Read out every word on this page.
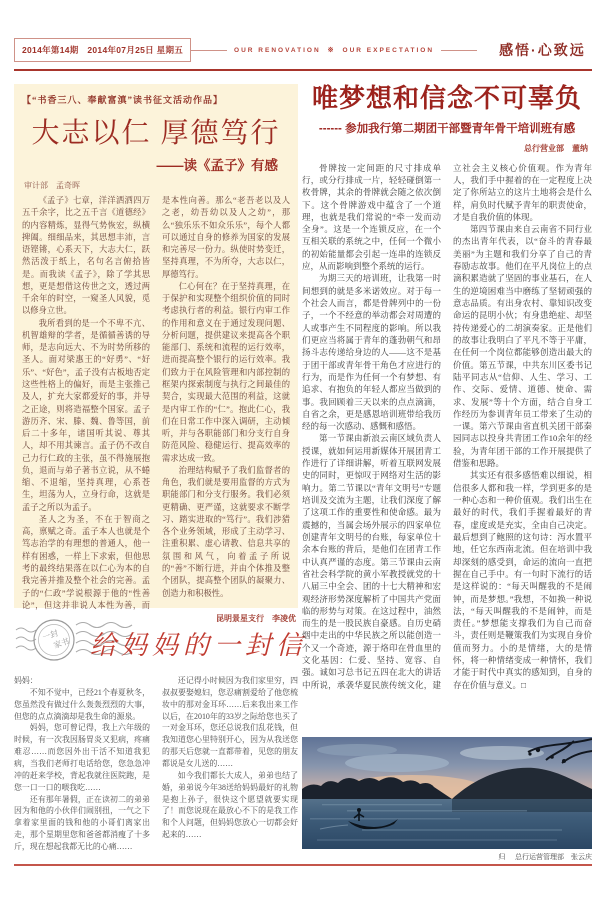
2014年第14期　2014年07月25日 星期五	OUR RENOVATION ※ OUR EXPECTATION	感悟·心致远
【“书香三八、奉献富滇”读书征文活动作品】
大志以仁 厚德笃行
——读《孟子》有感
审计部　孟奇晖

《孟子》七章，洋洋洒洒四万五千余字，比之五千言《道德经》的内容精炼，显得气势恢宏，纵横捭阖。细细品来，其思想丰沛，言语铿锵，心系天下，大志大仁，跃然活泼于纸上，名句名言俯拾皆是。而我读《孟子》，除了学其思想，更是想借这传世之文，透过两千余年的时空，一窥圣人风貌，觅以修身立世。

我所看到的是一个不卑不亢、机智雄辩的学者，是循循善诱的导师，是志向远大、不为时势所移的圣人。面对梁惠王的“好勇”、“好乐”、“好色”，孟子没有古板地否定这些性格上的偏好，而是主张推己及人，扩充大家都爱好的事，并导之正途，则将造福整个国家。孟子游历齐、宋、滕、魏、鲁等国，前后二十多年，诸国听其说、尊其人，却不用其谏言。孟子仍不改自己力行仁政的主张，虽不得施展抱负，退而与弟子著书立说，从不蜷缩、不退缩，坚持真理，心系苍生，坦荡为人，立身行命，这就是孟子之所以为孟子。

圣人之为圣，不在于智商之高，禀赋之奇。孟子本人也就是个笃志治学的有理想的普通人，他一样有困惑，一样上下求索，但他思考的最终结果落在以仁心为本的自我完善并推及整个社会的完善。孟子的“仁政”学说根源于他的“性善论”，但这并非说人本性为善，而是本性向善。那么“老吾老以及人之老，幼吾幼以及人之幼”，那么“独乐乐不如众乐乐”，每个人都可以通过自身的修养为国家的发展和完善尽一份力。纵使时势变迁，坚持真理，不为所夺，大志以仁，厚德笃行。

仁心何在？在于坚持真理，在于保护和实现整个组织价值的同时考虑执行者的利益。银行内审工作的作用和意义在于通过发现问题、分析问题，提供建议来提高各个职能部门、系统和流程的运行效率，进而提高整个银行的运行效率。我们致力于在风险管理和内部控制的框架内探索制度与执行之间最佳的契合，实现最大范围的利益，这就是内审工作的“仁”。抱此仁心，我们在日常工作中深入调研，主动倾听，并与各职能部门和分支行自身防范风险、稳健运行、提高效率的需求达成一致。

治理结构赋予了我们监督者的角色，我们就是要用监督的方式为职能部门和分支行服务。我们必须更精确、更严谨，这就要求不断学习、踏实进取的“笃行”。我们涉猎各个业务领域，形成了主动学习、注重积累、虚心请教、信息共享的氛围和风气，向着孟子所说的“善”不断行进，并由个体推及整个团队，提高整个团队的凝聚力、创造力和积极性。

一封
家书
昆明景星支行　李凌优
给妈妈的一封信

妈妈：

不知不觉中，已经21个春夏秋冬，您虽然没有做过什么轰轰烈烈的大事，但您的点点滴滴却是我生命的源泉。

妈妈，您可曾记得，我上六年级的时候，有一次我因肠胃炎又犯病，疼痛难忍……而您因外出干活不知道我犯病，当我们老师打电话给您，您急急冲冲的赶来学校，背起我就往医院跑，是您一口一口的喂我吃……

还有那年暑假，正在读初二的弟弟因为和他的小伙伴们闹别扭，一气之下拿着家里面的钱和他的小哥们离家出走，那个星期里您和爸爸都消瘦了十多斤，现在想起我都无比的心痛……

还记得小时候因为我们家里穷，四叔叔要娶媳妇，您忍痛割爱给了他您梳妆中的那对金耳环……后来我出来工作以后，在2010年的33岁之际给您也买了一对金耳环，您还总说我们乱花钱，但我知道您心里特别开心，因为从我送您的那天后您就一直都带着，见您的朋友都说是女儿送的……

如今我们都长大成人，弟弟也结了婚，弟弟说今年38送给妈妈最好的礼物是抱上孙子，很快这个愿望就要实现了！而您说现在最放心不下的是我工作和个人问题，但妈妈您放心一切都会好起来的……

唯梦想和信念不可辜负
------ 参加我行第二期团干部暨青年骨干培训班有感
总行营业部　董纳

骨牌按一定间距的尺寸排成单行，或分行排成一片，轻轻碰倒第一枚骨牌，其余的骨牌就会随之依次倒下。这个骨牌游戏中蕴含了一个道理，也就是我们常说的“牵一发而动全身”。这是一个连锁反应，在一个互相关联的系统之中，任何一个微小的初始能量都会引起一连串的连锁反应，从而影响到整个系统的运行。

为期三天的培训班，让我第一时间想到的就是多米诺效应。对于每一个社会人而言，都是骨牌列中的一份子，一个不经意的举动都会对周遭的人或事产生不同程度的影响。所以我们更应当将属于青年的蓬勃朝气和昂扬斗志传递给身边的人——这不是基于团干部或青年骨干角色才应进行的行为，而是作为任何一个有梦想、有追求、有抱负的年轻人都应当做到的事。我回顾着三天以来的点点滴滴，自省之余，更是感恩培训班带给我历经的每一次感动、感慨和感悟。

第一节课由新浪云南区域负责人授课，就如何运用新媒体开展团青工作进行了详细讲解，听着互联网发展史的同时，更惊叹于网络对生活的影响力。第二节课以“青年文明号”专题培训及交流为主题，让我们深度了解了这项工作的重要性和使命感。最为震撼的，当属会场外展示的四家单位创建青年文明号的台账，每家单位十余本台账的背后，是他们在团青工作中认真严谨的态度。第三节课由云南省社会科学院的黄小军教授就党的十八届三中全会、团的十七大精神和宏观经济形势深度解析了中国共产党面临的形势与对策。在这过程中，油然而生的是一股民族自豪感。自历史硝烟中走出的中华民族之所以能创造一个又一个奇迹，源于烙印在骨血里的文化基因：仁爱、坚持、宽容、自强。诚如习总书记五四在北大的讲话中所说，承袭华夏民族传统文化，建立社会主义核心价值观。作为青年人，我们手中握着的在一定程度上决定了你所站立的这片土地将会是什么样，肩负时代赋予青年的职责使命，才是自我价值的体现。

第四节课由来自云南省不同行业的杰出青年代表，以“奋斗的青春最美丽”为主题和我们分享了自己的青春励志故事。他们在平凡岗位上的点滴积累造就了坚固的事业基石，在人生的逆境困难当中磨练了坚韧顽强的意志品质。有出身农村、靠知识改变命运的昆明小伙；有身患绝症、却坚持传递爱心的二胡演奏家。正是他们的故事让我明白了平凡不等于平庸，在任何一个岗位都能够创造出最大的价值。第五节课，中共东川区委书记陆平同志从“信仰、人生、学习、工作、交际、爱情、道德、使命、需求、发展”等十个方面，结合自身工作经历为参训青年员工带来了生动的一课。第六节课由省直机关团干部秦园同志以投身共青团工作10余年的经验，为青年团干部的工作开展提供了借鉴和思路。

其实还有很多感悟难以细说，相信很多人都和我一样，学到更多的是一种心态和一种价值观。我们出生在最好的时代，我们手握着最好的青春，虚度或是充实，全由自己决定。最后想到了鲍照的这句诗：泻水置平地，任它东西南北流。但在培训中我却深刻的感受到，命运的流向一直把握在自己手中。有一句时下流行的话是这样说的：“每天叫醒我的不是闹钟，而是梦想。”我想，不如换一种说法，“每天叫醒我的不是闹钟，而是责任。”梦想能支撑我们为自己而奋斗，责任则是鞭策我们为实现自身价值而努力。小的是情绪，大的是情怀，将一种情绪变成一种情怀，我们才能于时代中真实的感知到，自身的存在价值与意义。□

归 总行运营管理部　张云庆
